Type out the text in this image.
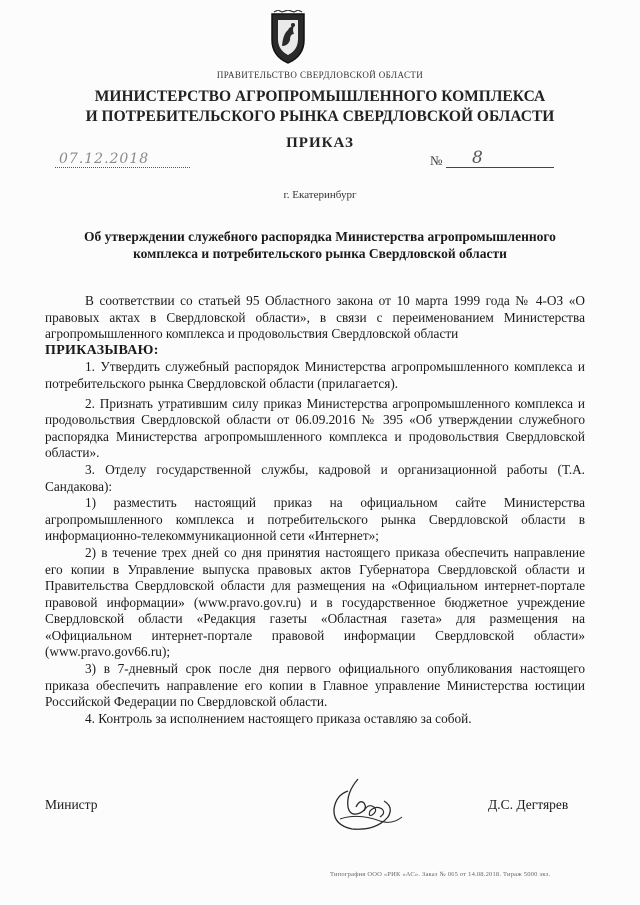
ПРАВИТЕЛЬСТВО СВЕРДЛОВСКОЙ ОБЛАСТИ
МИНИСТЕРСТВО АГРОПРОМЫШЛЕННОГО КОМПЛЕКСА
И ПОТРЕБИТЕЛЬСКОГО РЫНКА СВЕРДЛОВСКОЙ ОБЛАСТИ
ПРИКАЗ
07.12.2018	№ 8
г. Екатеринбург
Об утверждении служебного распорядка Министерства агропромышленного
комплекса и потребительского рынка Свердловской области

В соответствии со статьей 95 Областного закона от 10 марта 1999 года № 4-ОЗ «О правовых актах в Свердловской области», в связи с переименованием Министерства агропромышленного комплекса и продовольствия Свердловской области

ПРИКАЗЫВАЮ:

1. Утвердить служебный распорядок Министерства агропромышленного комплекса и потребительского рынка Свердловской области (прилагается).

2. Признать утратившим силу приказ Министерства агропромышленного комплекса и продовольствия Свердловской области от 06.09.2016 № 395 «Об утверждении служебного распорядка Министерства агропромышленного комплекса и продовольствия Свердловской области».

3. Отделу государственной службы, кадровой и организационной работы (Т.А. Сандакова):

1) разместить настоящий приказ на официальном сайте Министерства агропромышленного комплекса и потребительского рынка Свердловской области в информационно-телекоммуникационной сети «Интернет»;

2) в течение трех дней со дня принятия настоящего приказа обеспечить направление его копии в Управление выпуска правовых актов Губернатора Свердловской области и Правительства Свердловской области для размещения на «Официальном интернет-портале правовой информации» (www.pravo.gov.ru) и в государственное бюджетное учреждение Свердловской области «Редакция газеты «Областная газета» для размещения на «Официальном интернет-портале правовой информации Свердловской области» (www.pravo.gov66.ru);

3) в 7-дневный срок после дня первого официального опубликования настоящего приказа обеспечить направление его копии в Главное управление Министерства юстиции Российской Федерации по Свердловской области.

4. Контроль за исполнением настоящего приказа оставляю за собой.

Министр	Д.С. Дегтярев
Типография ООО «РИК «АС». Заказ № 065 от 14.08.2018. Тираж 5000 экз.
